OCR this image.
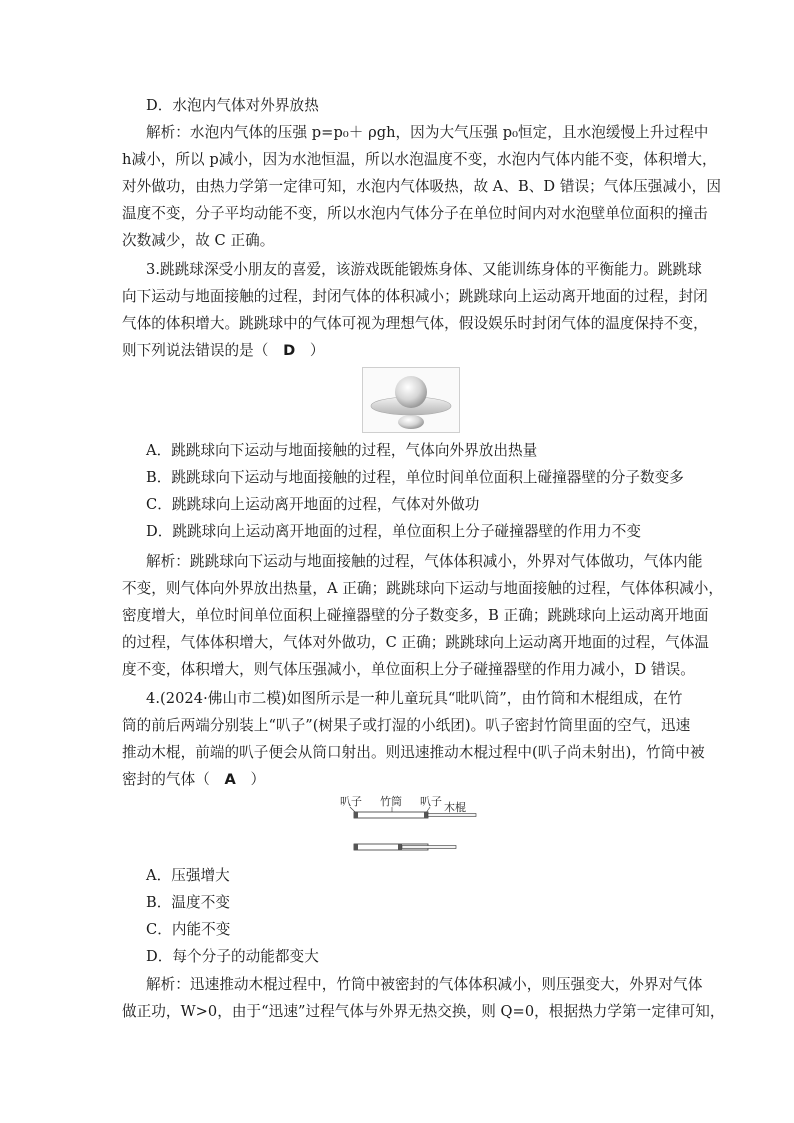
D．水泡内气体对外界放热
解析：水泡内气体的压强 p=p₀＋ ρgh，因为大气压强 p₀恒定，且水泡缓慢上升过程中
h减小，所以 p减小，因为水池恒温，所以水泡温度不变，水泡内气体内能不变，体积增大，
对外做功，由热力学第一定律可知，水泡内气体吸热，故 A、B、D 错误；气体压强减小，因
温度不变，分子平均动能不变，所以水泡内气体分子在单位时间内对水泡壁单位面积的撞击
次数减少，故 C 正确。
3.跳跳球深受小朋友的喜爱，该游戏既能锻炼身体、又能训练身体的平衡能力。跳跳球
向下运动与地面接触的过程，封闭气体的体积减小；跳跳球向上运动离开地面的过程，封闭
气体的体积增大。跳跳球中的气体可视为理想气体，假设娱乐时封闭气体的温度保持不变，
则下列说法错误的是（　D　）
A．跳跳球向下运动与地面接触的过程，气体向外界放出热量
B．跳跳球向下运动与地面接触的过程，单位时间单位面积上碰撞器壁的分子数变多
C．跳跳球向上运动离开地面的过程，气体对外做功
D．跳跳球向上运动离开地面的过程，单位面积上分子碰撞器壁的作用力不变
解析：跳跳球向下运动与地面接触的过程，气体体积减小，外界对气体做功，气体内能
不变，则气体向外界放出热量，A 正确；跳跳球向下运动与地面接触的过程，气体体积减小，
密度增大，单位时间单位面积上碰撞器壁的分子数变多，B 正确；跳跳球向上运动离开地面
的过程，气体体积增大，气体对外做功，C 正确；跳跳球向上运动离开地面的过程，气体温
度不变，体积增大，则气体压强减小，单位面积上分子碰撞器壁的作用力减小，D 错误。
4.(2024·佛山市二模)如图所示是一种儿童玩具“吡叭筒”，由竹筒和木棍组成，在竹
筒的前后两端分别装上“叭子”(树果子或打湿的小纸团)。叭子密封竹筒里面的空气，迅速
推动木棍，前端的叭子便会从筒口射出。则迅速推动木棍过程中(叭子尚未射出)，竹筒中被
密封的气体（　A　）
叭子 竹筒 叭子 木棍
A．压强增大
B．温度不变
C．内能不变
D．每个分子的动能都变大
解析：迅速推动木棍过程中，竹筒中被密封的气体体积减小，则压强变大，外界对气体
做正功，W>0，由于“迅速”过程气体与外界无热交换，则 Q=0，根据热力学第一定律可知，
